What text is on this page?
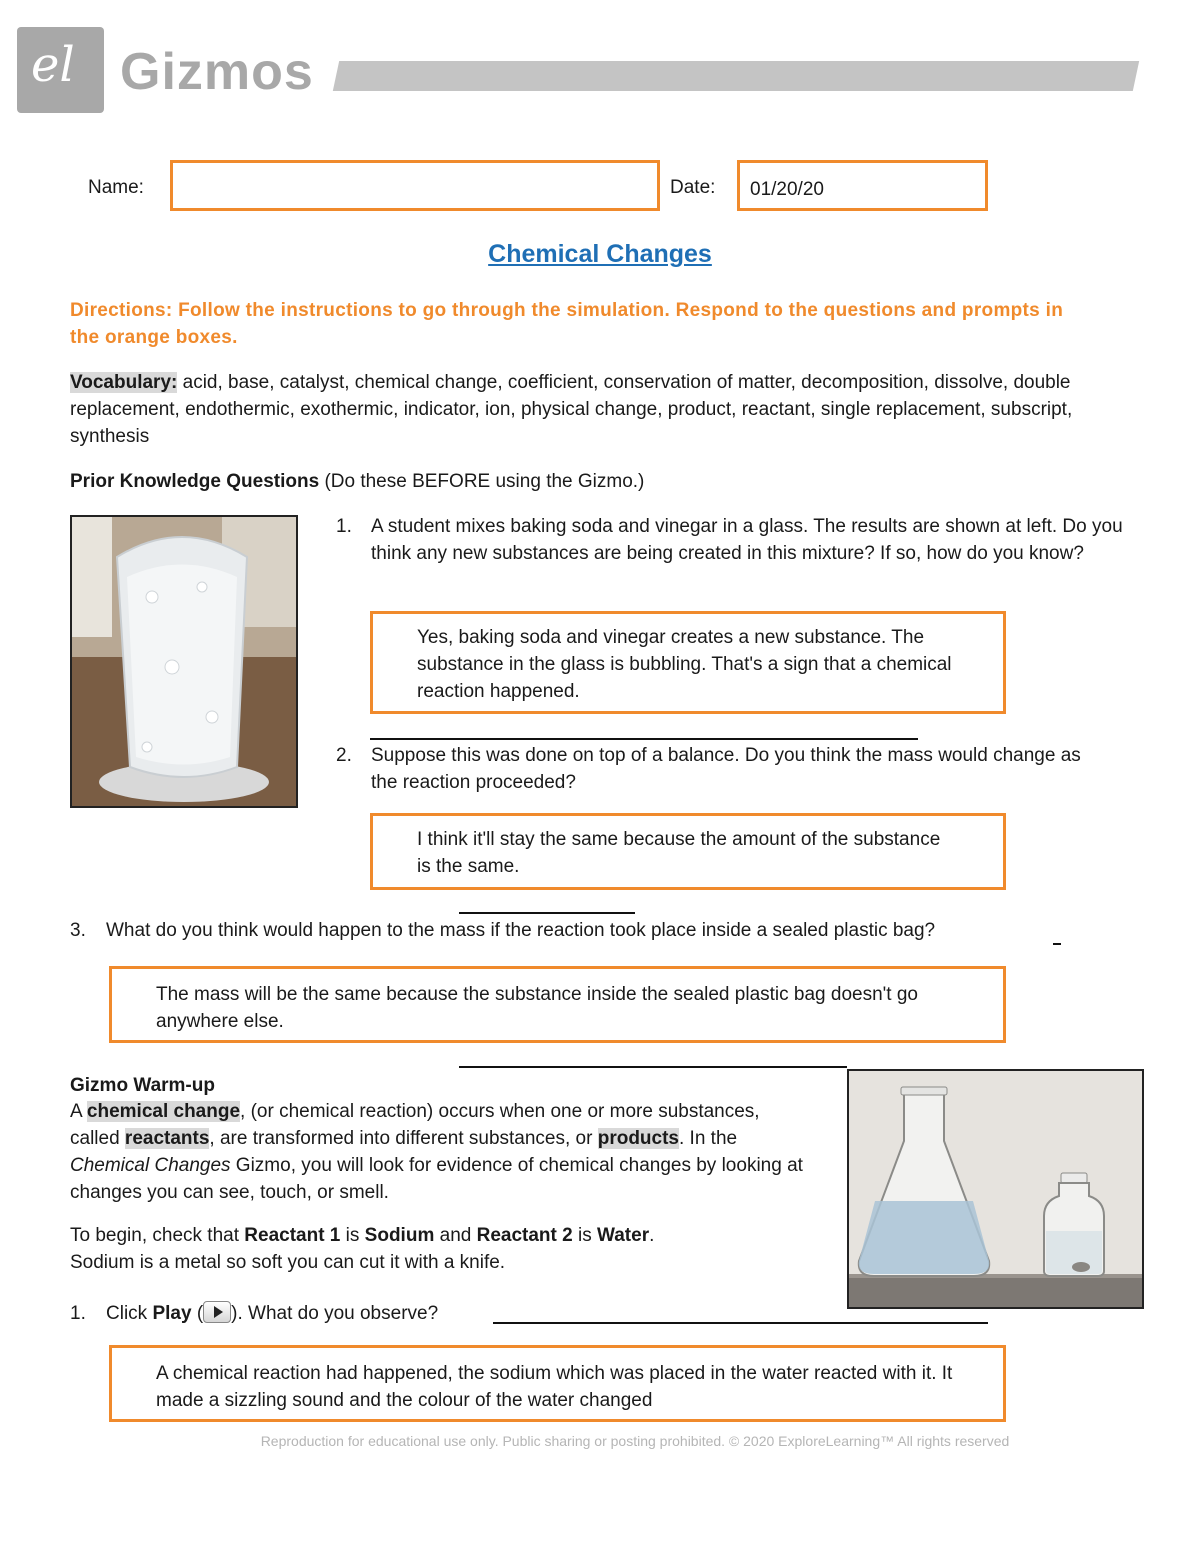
el Gizmos
Name:	Date: 01/20/20
Chemical Changes
Directions: Follow the instructions to go through the simulation. Respond to the questions and prompts in the orange boxes.
Vocabulary: acid, base, catalyst, chemical change, coefficient, conservation of matter, decomposition, dissolve, double replacement, endothermic, exothermic, indicator, ion, physical change, product, reactant, single replacement, subscript, synthesis
Prior Knowledge Questions (Do these BEFORE using the Gizmo.)
1. A student mixes baking soda and vinegar in a glass. The results are shown at left. Do you think any new substances are being created in this mixture? If so, how do you know?
Yes, baking soda and vinegar creates a new substance. The substance in the glass is bubbling. That's a sign that a chemical reaction happened.
2. Suppose this was done on top of a balance. Do you think the mass would change as the reaction proceeded?
I think it'll stay the same because the amount of the substance is the same.
3. What do you think would happen to the mass if the reaction took place inside a sealed plastic bag?
The mass will be the same because the substance inside the sealed plastic bag doesn't go anywhere else.
Gizmo Warm-up
A chemical change, (or chemical reaction) occurs when one or more substances, called reactants, are transformed into different substances, or products. In the Chemical Changes Gizmo, you will look for evidence of chemical changes by looking at changes you can see, touch, or smell.
To begin, check that Reactant 1 is Sodium and Reactant 2 is Water.
Sodium is a metal so soft you can cut it with a knife.
1. Click Play ( ). What do you observe?
A chemical reaction had happened, the sodium which was placed in the water reacted with it. It made a sizzling sound and the colour of the water changed
Reproduction for educational use only. Public sharing or posting prohibited. © 2020 ExploreLearning™ All rights reserved
